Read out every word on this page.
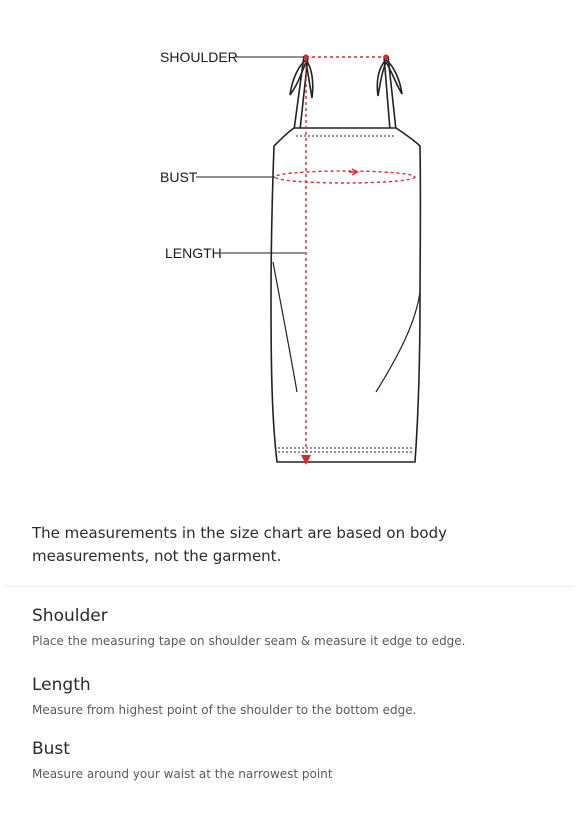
SHOULDER
BUST
LENGTH

The measurements in the size chart are based on body measurements, not the garment.

Shoulder

Place the measuring tape on shoulder seam & measure it edge to edge.

Length

Measure from highest point of the shoulder to the bottom edge.

Bust

Measure around your waist at the narrowest point
